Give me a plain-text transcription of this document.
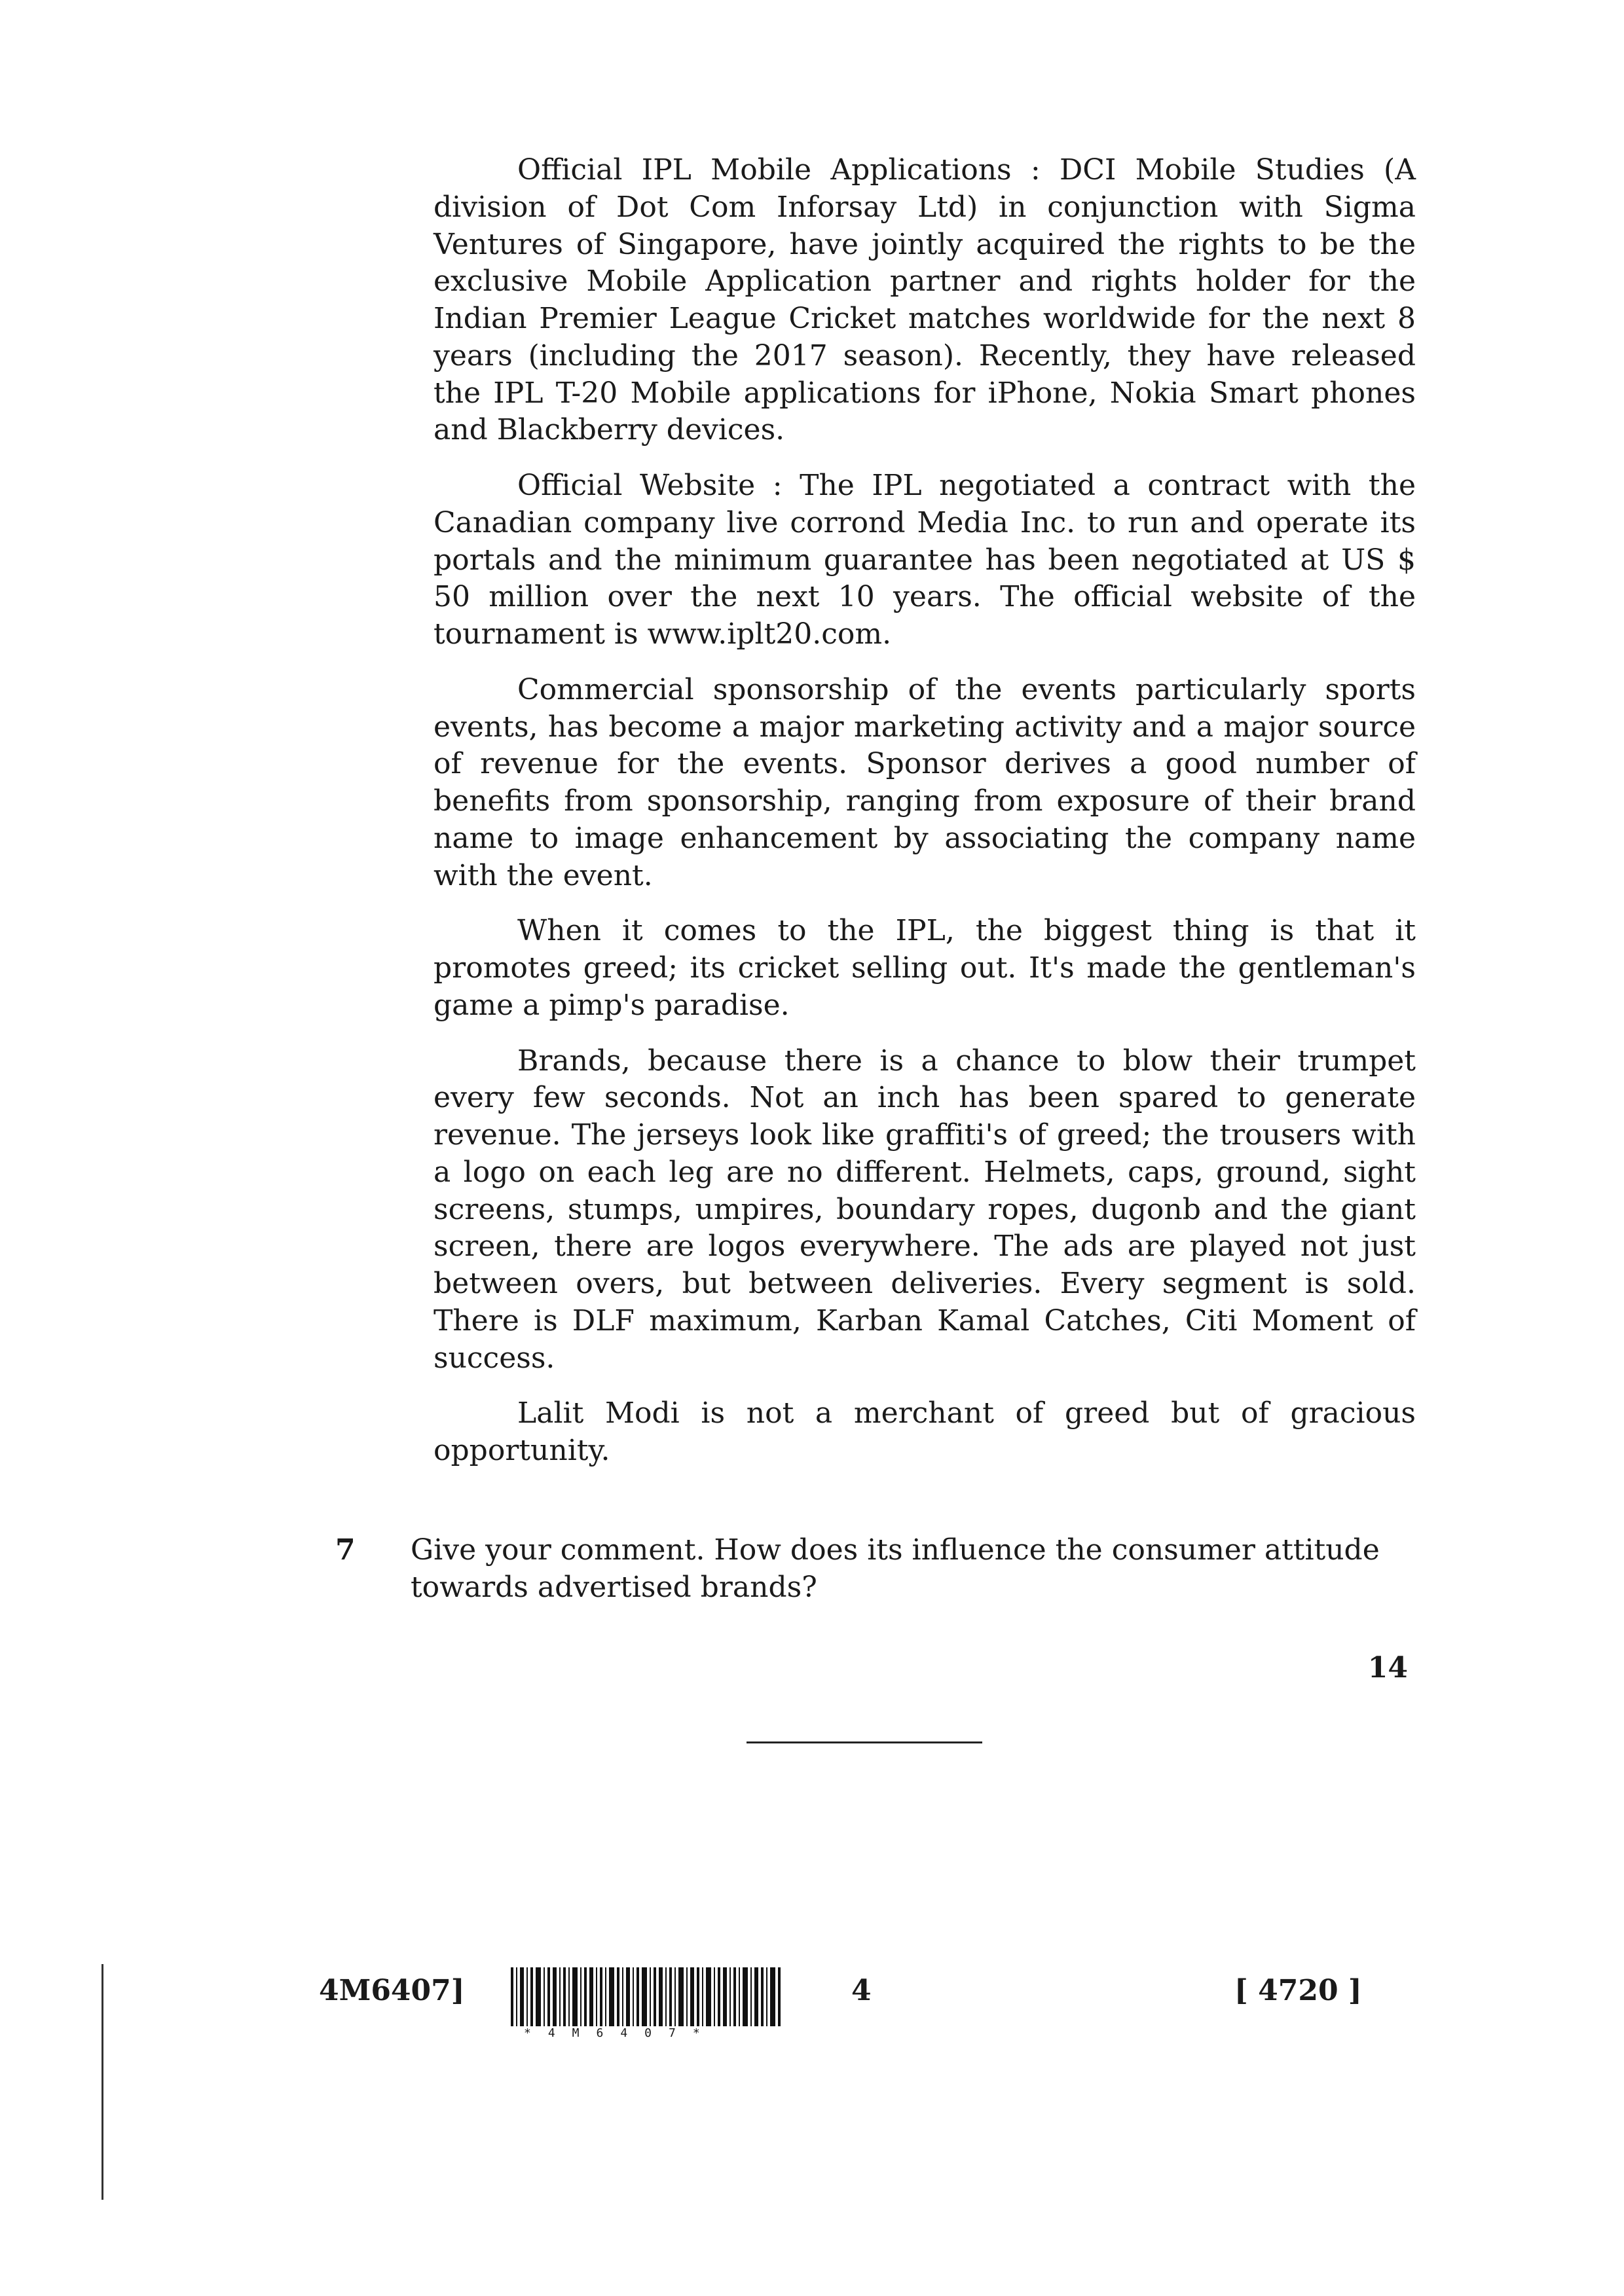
Official IPL Mobile Applications : DCI Mobile Studies (A division of Dot Com Inforsay Ltd) in conjunction with Sigma Ventures of Singapore, have jointly acquired the rights to be the exclusive Mobile Application partner and rights holder for the Indian Premier League Cricket matches worldwide for the next 8 years (including the 2017 season). Recently, they have released the IPL T-20 Mobile applications for iPhone, Nokia Smart phones and Blackberry devices.

Official Website : The IPL negotiated a contract with the Canadian company live corrond Media Inc. to run and operate its portals and the minimum guarantee has been negotiated at US $ 50 million over the next 10 years. The official website of the tournament is www.iplt20.com.

Commercial sponsorship of the events particularly sports events, has become a major marketing activity and a major source of revenue for the events. Sponsor derives a good number of benefits from sponsorship, ranging from exposure of their brand name to image enhancement by associating the company name with the event.

When it comes to the IPL, the biggest thing is that it promotes greed; its cricket selling out. It's made the gentleman's game a pimp's paradise.

Brands, because there is a chance to blow their trumpet every few seconds. Not an inch has been spared to generate revenue. The jerseys look like graffiti's of greed; the trousers with a logo on each leg are no different. Helmets, caps, ground, sight screens, stumps, umpires, boundary ropes, dugonb and the giant screen, there are logos everywhere. The ads are played not just between overs, but between deliveries. Every segment is sold. There is DLF maximum, Karban Kamal Catches, Citi Moment of success.

Lalit Modi is not a merchant of greed but of gracious opportunity.

7 Give your comment. How does its influence the consumer attitude towards advertised brands?
14
4M6407]
*4M6407*
4	[ 4720 ]
